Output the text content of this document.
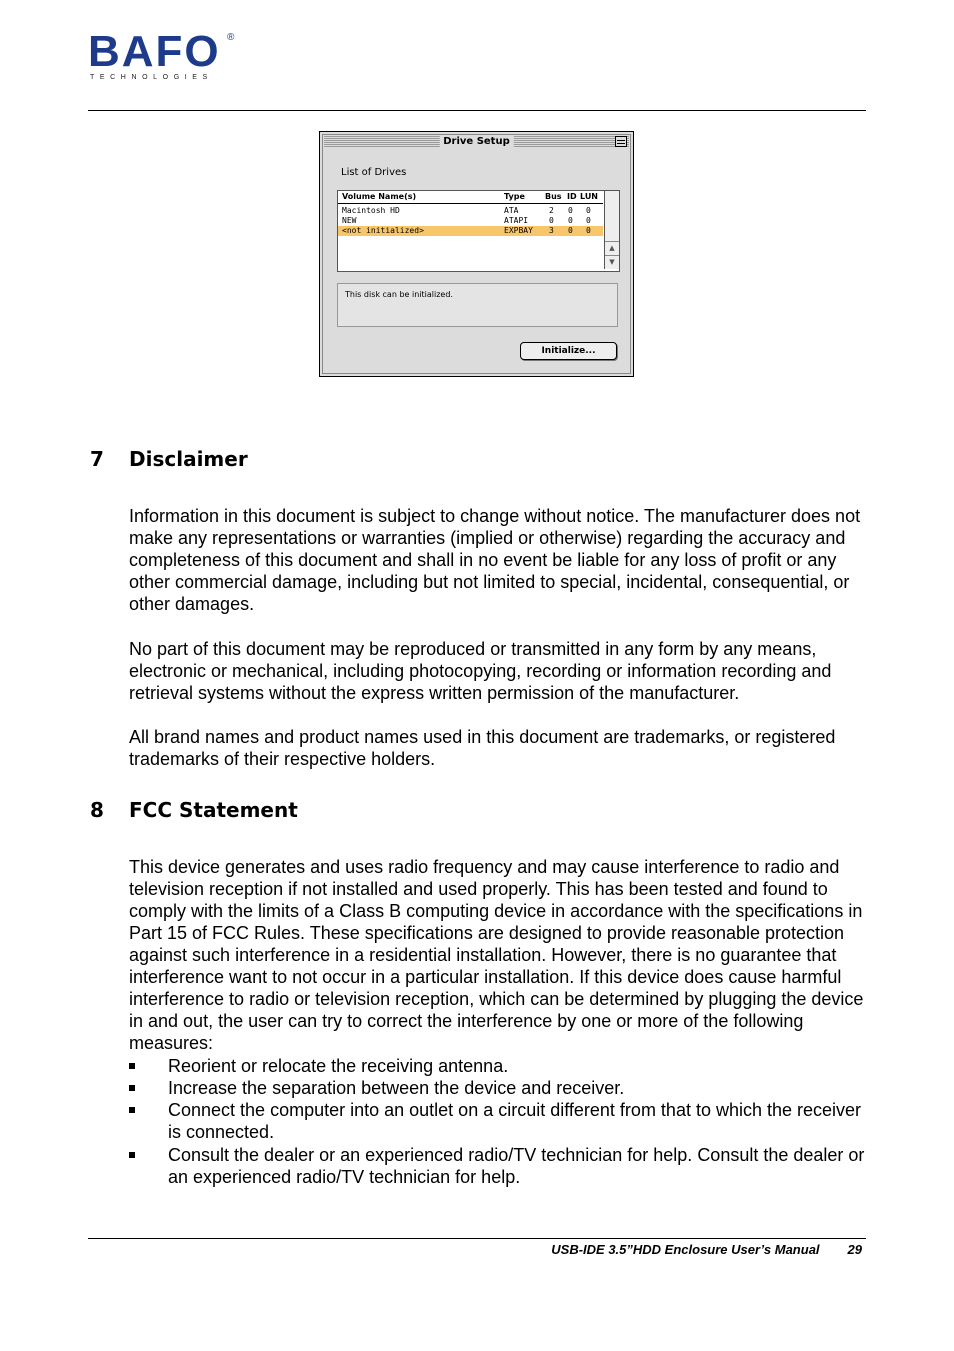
BAFO ®
TECHNOLOGIES
Drive Setup
List of Drives
Volume Name(s)	Type	Bus ID LUN
Macintosh HD	ATA	2 0 0
NEW	ATAPI	0 0 0
<not initialized>	EXPBAY 3 0 0
▲
▼
This disk can be initialized.
Initialize...
7 Disclaimer

Information in this document is subject to change without notice. The manufacturer does not make any representations or warranties (implied or otherwise) regarding the accuracy and completeness of this document and shall in no event be liable for any loss of profit or any other commercial damage, including but not limited to special, incidental, consequential, or other damages.

No part of this document may be reproduced or transmitted in any form by any means, electronic or mechanical, including photocopying, recording or information recording and retrieval systems without the express written permission of the manufacturer.

All brand names and product names used in this document are trademarks, or registered trademarks of their respective holders.

8 FCC Statement

This device generates and uses radio frequency and may cause interference to radio and television reception if not installed and used properly. This has been tested and found to comply with the limits of a Class B computing device in accordance with the specifications in Part 15 of FCC Rules. These specifications are designed to provide reasonable protection against such interference in a residential installation. However, there is no guarantee that interference want to not occur in a particular installation. If this device does cause harmful interference to radio or television reception, which can be determined by plugging the device in and out, the user can try to correct the interference by one or more of the following measures:

Reorient or relocate the receiving antenna.
Increase the separation between the device and receiver.
Connect the computer into an outlet on a circuit different from that to which the receiver is connected.
Consult the dealer or an experienced radio/TV technician for help. Consult the dealer or an experienced radio/TV technician for help.
USB-IDE 3.5”HDD Enclosure User’s Manual 29
